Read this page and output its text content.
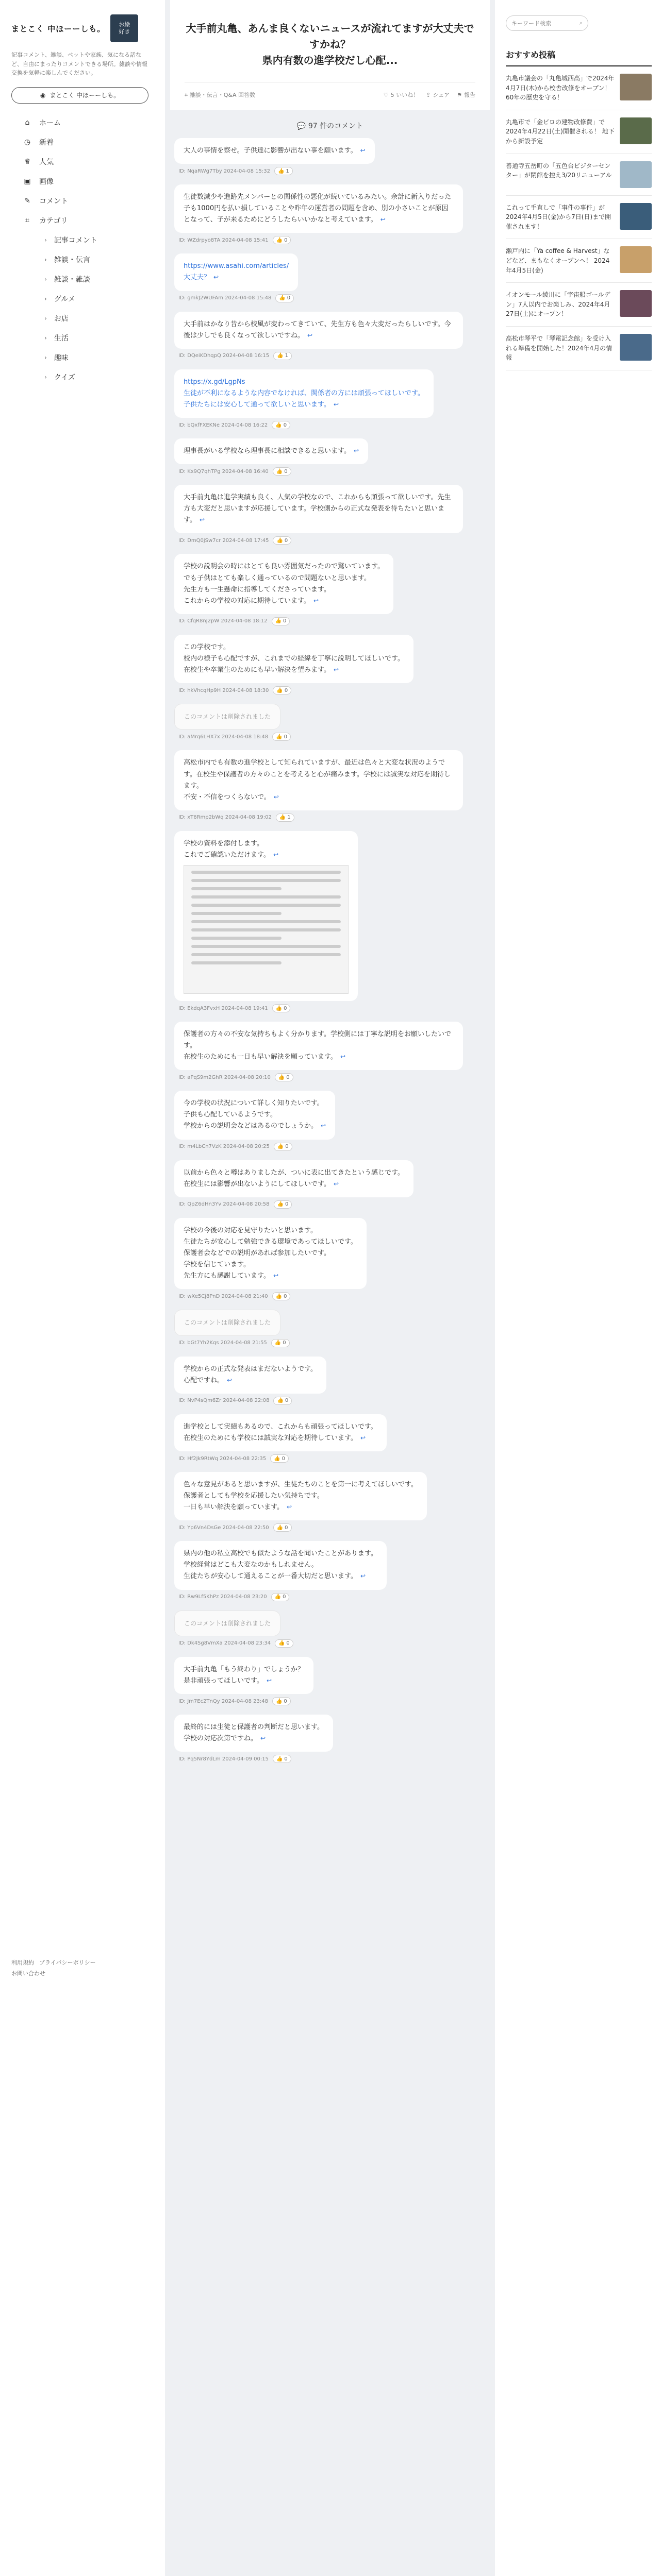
まとこく 中ほーーしも。	お絵
好き

記事コメント、雑談、ペットや家族、気になる話など、自由にまったりコメントできる場所。雑談や情報交換を気軽に楽しんでください。

◉ まとこく 中ほーーしも。
⌂	ホーム
◷ 新着
♛ 人気
▣ 画像
✎ コメント
⌗	カテゴリ
› 記事コメント
› 雑談・伝言
› 雑談・雑談
› グルメ
› お店
› 生活
› 趣味
› クイズ
利用規約 プライバシーポリシー
お問い合わせ
大手前丸亀、あんま良くないニュースが流れてますが大丈夫ですかね？
県内有数の進学校だし心配...
⌗ 雑談・伝言・Q&A 回答数	♡ 5 いいね！ ⇪ シェア ⚑ 報告
💬 97 件のコメント
大人の事情を察せ。子供達に影響が出ない事を願います。 ↩
ID: NqaRWg7Tby 2024-04-08 15:32 👍 1
生徒数減少や進路先メンバーとの関係性の悪化が続いているみたい。余計に新入りだった子も1000円を払い損していることや昨年の運営者の問題を含め、別の小さいことが原因となって、子が来るためにどうしたらいいかなと考えています。 ↩
ID: WZdrpyo8TA 2024-04-08 15:41 👍 0
https://www.asahi.com/articles/
大丈夫？ ↩
ID: gmkJ2WUFAm 2024-04-08 15:48 👍 0
大手前はかなり昔から校風が変わってきていて、先生方も色々大変だったらしいです。今後は少しでも良くなって欲しいですね。 ↩
ID: DQeiKDhqpQ 2024-04-08 16:15 👍 1
https://x.gd/LgpNs
生徒が不利になるような内容でなければ、関係者の方には頑張ってほしいです。
子供たちには安心して通って欲しいと思います。 ↩
ID: bQxfFXEKNe 2024-04-08 16:22 👍 0
理事長がいる学校なら理事長に相談できると思います。 ↩
ID: Kx9Q7qhTPg 2024-04-08 16:40 👍 0
大手前丸亀は進学実績も良く、人気の学校なので、これからも頑張って欲しいです。先生方も大変だと思いますが応援しています。学校側からの正式な発表を待ちたいと思います。 ↩
ID: DmQ0jSw7cr 2024-04-08 17:45 👍 0
学校の説明会の時にはとても良い雰囲気だったので驚いています。
でも子供はとても楽しく通っているので問題ないと思います。
先生方も一生懸命に指導してくださっています。
これからの学校の対応に期待しています。 ↩
ID: CfqR8nJ2pW 2024-04-08 18:12 👍 0
この学校です。
校内の様子も心配ですが、これまでの経緯を丁寧に説明してほしいです。
在校生や卒業生のためにも早い解決を望みます。 ↩
ID: hkVhcqHp9H 2024-04-08 18:30 👍 0
このコメントは削除されました
ID: aMrq6LHX7x 2024-04-08 18:48 👍 0
高松市内でも有数の進学校として知られていますが、最近は色々と大変な状況のようです。在校生や保護者の方々のことを考えると心が痛みます。学校には誠実な対応を期待します。
不安・不信をつくらないで。 ↩
ID: xT6Rmp2bWq 2024-04-08 19:02 👍 1
学校の資料を添付します。
これでご確認いただけます。 ↩
ID: EkdqA3FvxH 2024-04-08 19:41 👍 0
保護者の方々の不安な気持ちもよく分かります。学校側には丁寧な説明をお願いしたいです。
在校生のためにも一日も早い解決を願っています。 ↩
ID: aPqS9m2GhR 2024-04-08 20:10 👍 0
今の学校の状況について詳しく知りたいです。
子供も心配しているようです。
学校からの説明会などはあるのでしょうか。 ↩
ID: m4LbCn7VzK 2024-04-08 20:25 👍 0
以前から色々と噂はありましたが、ついに表に出てきたという感じです。
在校生には影響が出ないようにしてほしいです。 ↩
ID: QpZ6dHn3Yv 2024-04-08 20:58 👍 0
学校の今後の対応を見守りたいと思います。
生徒たちが安心して勉強できる環境であってほしいです。
保護者会などでの説明があれば参加したいです。
学校を信じています。
先生方にも感謝しています。 ↩
ID: wXe5Cj8PnD 2024-04-08 21:40 👍 0
このコメントは削除されました
ID: bGt7Yh2Kqs 2024-04-08 21:55 👍 0
学校からの正式な発表はまだないようです。
心配ですね。 ↩
ID: NvP4sQm6Zr 2024-04-08 22:08 👍 0
進学校として実績もあるので、これからも頑張ってほしいです。
在校生のためにも学校には誠実な対応を期待しています。 ↩
ID: Hf2Jk9RtWq 2024-04-08 22:35 👍 0
色々な意見があると思いますが、生徒たちのことを第一に考えてほしいです。
保護者としても学校を応援したい気持ちです。
一日も早い解決を願っています。 ↩
ID: Yp6Vn4DsGe 2024-04-08 22:50 👍 0
県内の他の私立高校でも似たような話を聞いたことがあります。
学校経営はどこも大変なのかもしれません。
生徒たちが安心して通えることが一番大切だと思います。 ↩
ID: Rw9Lf5KhPz 2024-04-08 23:20 👍 0
このコメントは削除されました
ID: Dk4Sg8VmXa 2024-04-08 23:34 👍 0
大手前丸亀「もう終わり」でしょうか？
是非頑張ってほしいです。 ↩
ID: Jm7Ec2TnQy 2024-04-08 23:48 👍 0
最終的には生徒と保護者の判断だと思います。
学校の対応次第ですね。 ↩
ID: Pq5Nr8YdLm 2024-04-09 00:15 👍 0
キーワード検索
⌕
おすすめ投稿
丸亀市議会の「丸亀城西高」で2024年4月7日(木)から校舎改修をオープン！ 60年の歴史を守る！
丸亀市で「金ビロの建物改修費」で2024年4月22日(土)開催される！ 地下から新設予定
善通寺五岳町の「五色台ビジターセンター」が閉館を控え3/20リニューアル
これって手直しで「事件の事件」が2024年4月5日(金)から7日(日)まで開催されます！
瀬戸内に「Ya coffee & Harvest」などなど、まもなくオープンへ！ 2024年4月5日(金)
イオンモール綾川に「宇宙船ゴールデン」7人以内でお楽しみ、2024年4月27日(土)にオープン！
高松市琴平で「琴電記念館」を受け入れる準備を開始した！2024年4月の情報
